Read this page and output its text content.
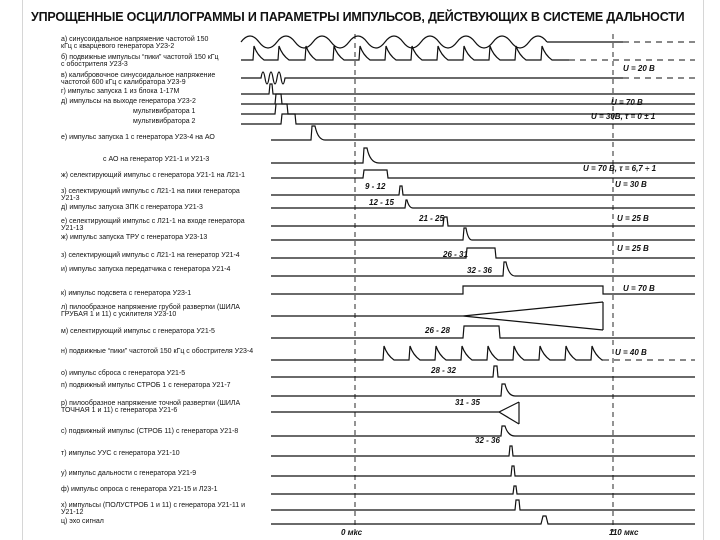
УПРОЩЕННЫЕ ОСЦИЛЛОГРАММЫ И ПАРАМЕТРЫ ИМПУЛЬСОВ, ДЕЙСТВУЮЩИХ В СИСТЕМЕ ДАЛЬНОСТИ
а) синусоидальное напряжение частотой 150 кГц с кварцевого генератора У23-2
б) подвижные импульсы “пики” частотой 150 кГц с обострителя У23-3
в) калибровочное синусоидальное напряжение частотой 600 кГц с калибратора У23-9
г) импульс запуска 1 из блока 1-17М
д) импульсы на выходе генератора У23-2
мультивибратора 1
мультивибратора 2
е) импульс запуска 1 с генератора У23-4 на АО
с АО на генератор У21-1 и У21-3
ж) селектирующий импульс с генератора У21-1 на Л21-1
з) селектирующий импульс с Л21-1 на пики генератора У21-3
д) импульс запуска ЗПК с генератора У21-3
е) селектирующий импульс с Л21-1 на входе генератора У21-13
ж) импульс запуска ТРУ с генератора У23-13
з) селектирующий импульс с Л21-1 на генератор У21-4
и) импульс запуска передатчика с генератора У21-4
к) импульс подсвета с генератора У23-1
л) пилообразное напряжение грубой развертки (ШИЛА ГРУБАЯ 1 и 11) с усилителя У23-10
м) селектирующий импульс с генератора У21-5
н) подвижные “пики” частотой 150 кГц с обострителя У23-4
о) импульс сброса с генератора У21-5
п) подвижный импульс СТРОБ 1 с генератора У21-7
р) пилообразное напряжение точной развертки (ШИЛА ТОЧНАЯ 1 и 11) с генератора У21-6
с) подвижный импульс (СТРОБ 11) с генератора У21-8
т) импульс УУС с генератора У21-10
у) импульс дальности с генератора У21-9
ф) импульс опроса с генератора У21-15 и Л23-1
х) импульсы (ПОЛУСТРОБ 1 и 11) с генератора У21-11 и У21-12
ц) эхо сигнал
U = 20 В
U = 70 В
U = 30В, τ = 0 ± 1
U = 70 В, τ = 6,7 ÷ 1
U = 30 В
U = 25 В
U = 25 В
U = 70 В
U = 40 В
9 - 12
12 - 15
21 - 25
26 - 31
32 - 36
26 - 28
28 - 32
31 - 35
32 - 36
0 мкс	110 мкс
